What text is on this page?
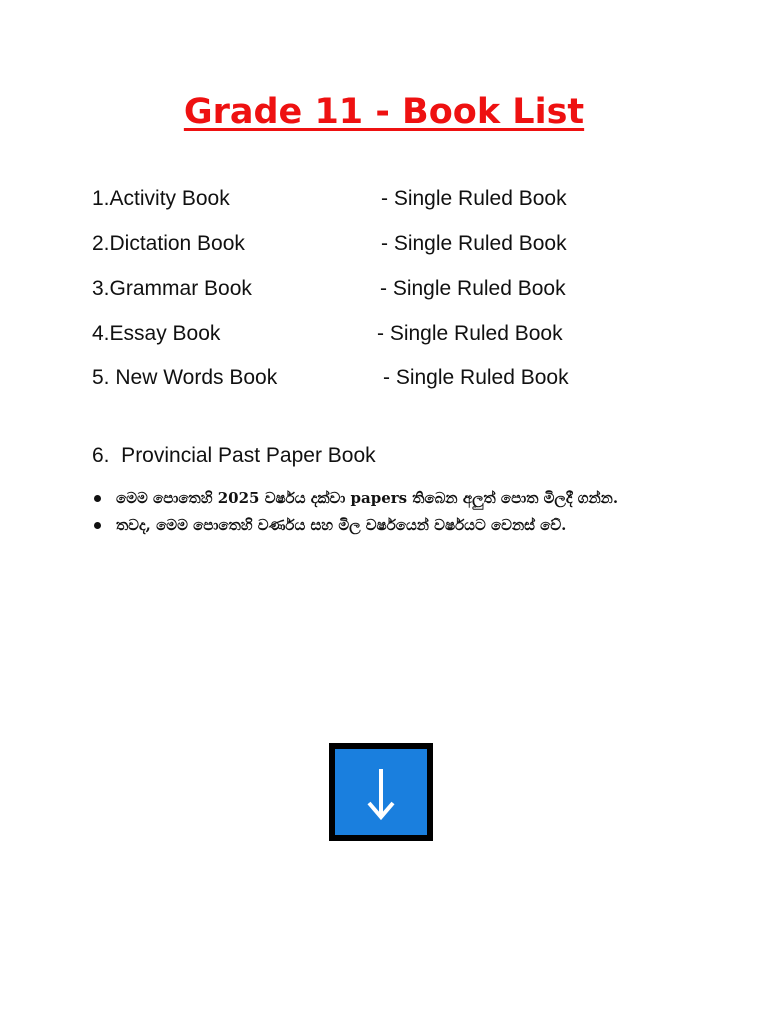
Grade 11 - Book List
1.Activity Book	- Single Ruled Book
2.Dictation Book	- Single Ruled Book
3.Grammar Book	- Single Ruled Book
4.Essay Book	- Single Ruled Book
5. New Words Book	- Single Ruled Book
6.  Provincial Past Paper Book
මෙම පොතෙහි 2025 වර්ෂය දක්වා papers තිබෙන අලුත් පොත මිලදී ගන්න.
තවද, මෙම පොතෙහි වර්ණය සහ මිල වර්ෂයෙන් වර්ෂයට වෙනස් වේ.
